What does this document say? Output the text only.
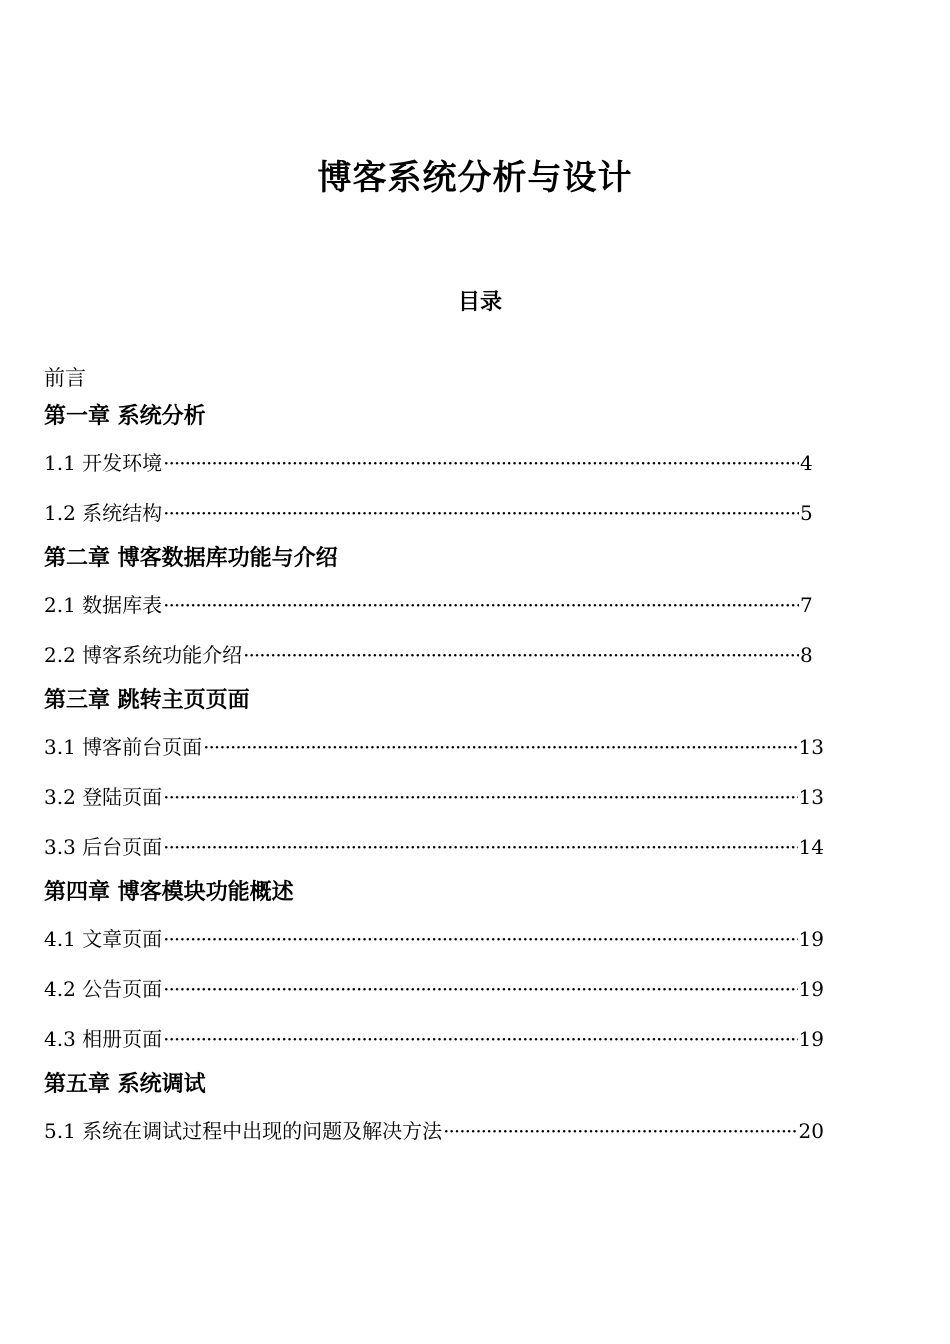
博客系统分析与设计
目录
前言
第一章 系统分析
1.1 开发环境 ·····	4
1.2 系统结构 ·····	5
第二章 博客数据库功能与介绍
2.1 数据库表 ·····	7
2.2 博客系统功能介绍 ·····	8
第三章 跳转主页页面
3.1 博客前台页面 ·····	13
3.2 登陆页面 ·····	13
3.3 后台页面 ·····	14
第四章 博客模块功能概述
4.1 文章页面 ·····	19
4.2 公告页面 ·····	19
4.3 相册页面 ·····	19
第五章 系统调试
5.1 系统在调试过程中出现的问题及解决方法 ·····	20
